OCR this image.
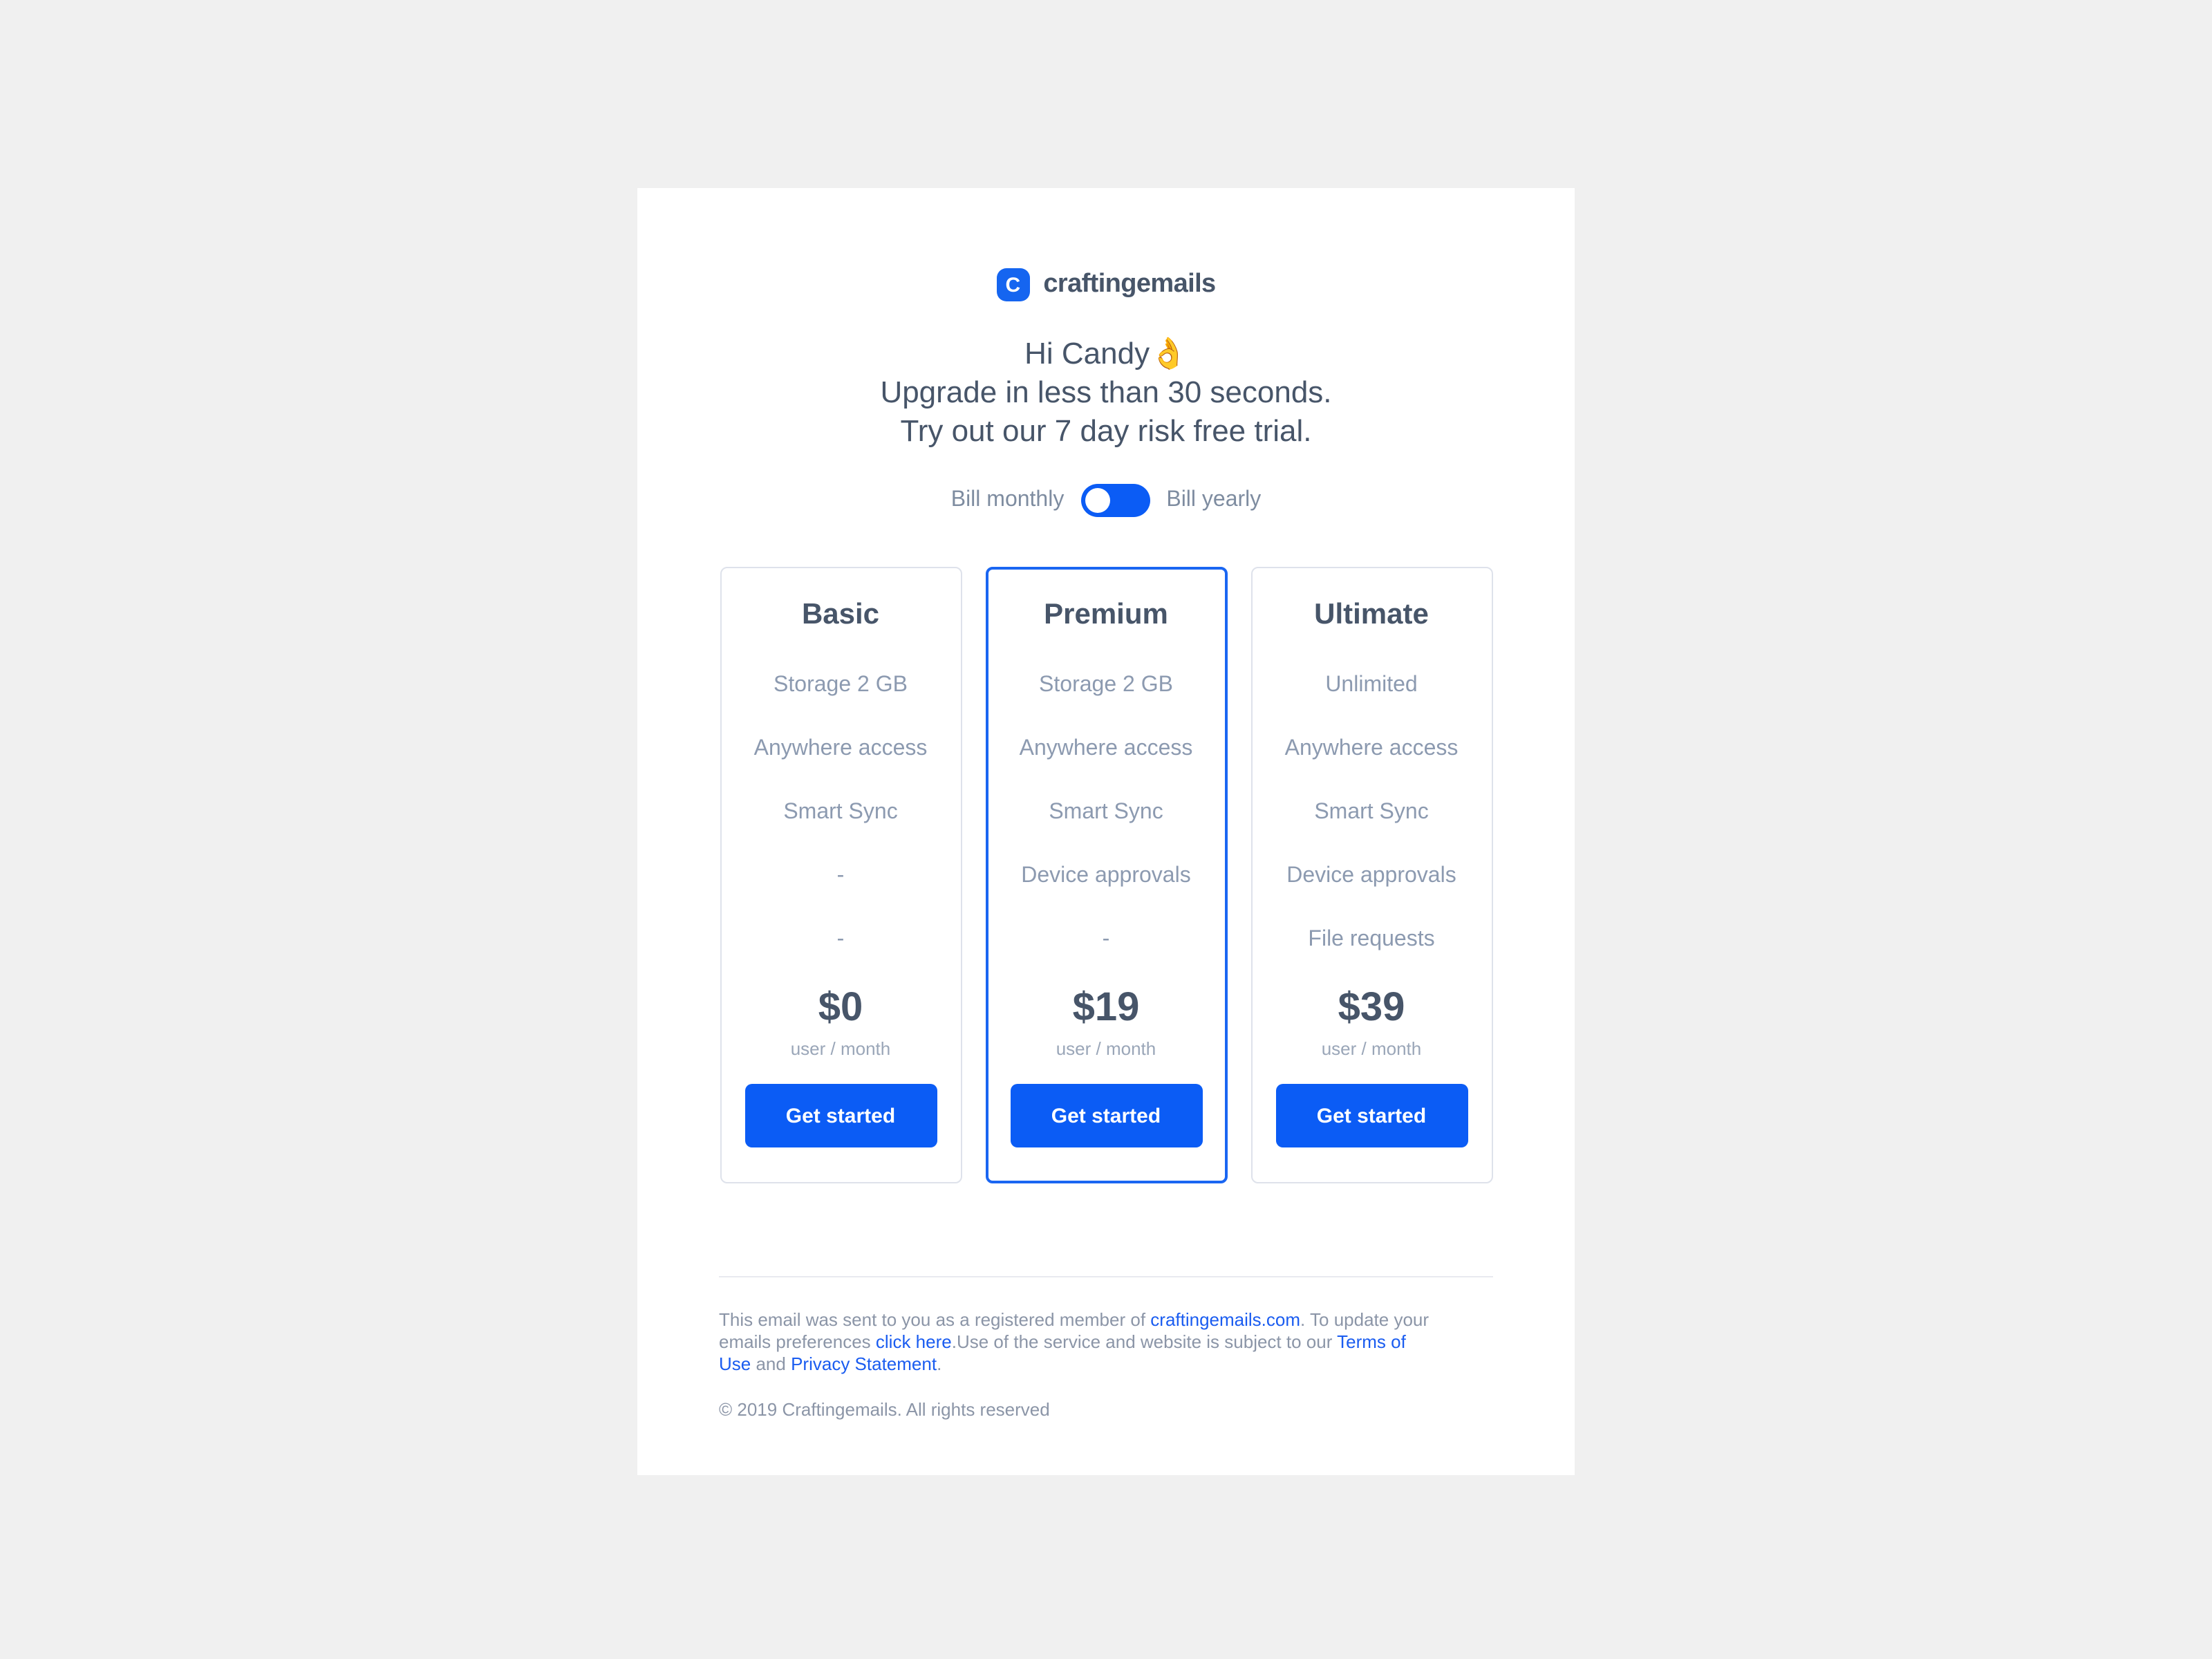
C craftingemails
Hi Candy👌
Upgrade in less than 30 seconds.
Try out our 7 day risk free trial.
Bill monthly	Bill yearly
Basic
Storage 2 GB
Anywhere access
Smart Sync
-
-
$0
user / month
Get started
Premium
Storage 2 GB
Anywhere access
Smart Sync
Device approvals
-
$19
user / month
Get started
Ultimate
Unlimited
Anywhere access
Smart Sync
Device approvals
File requests
$39
user / month
Get started

This email was sent to you as a registered member of craftingemails.com. To update your emails preferences click here.Use of the service and website is subject to our Terms of Use and Privacy Statement.

© 2019 Craftingemails. All rights reserved
